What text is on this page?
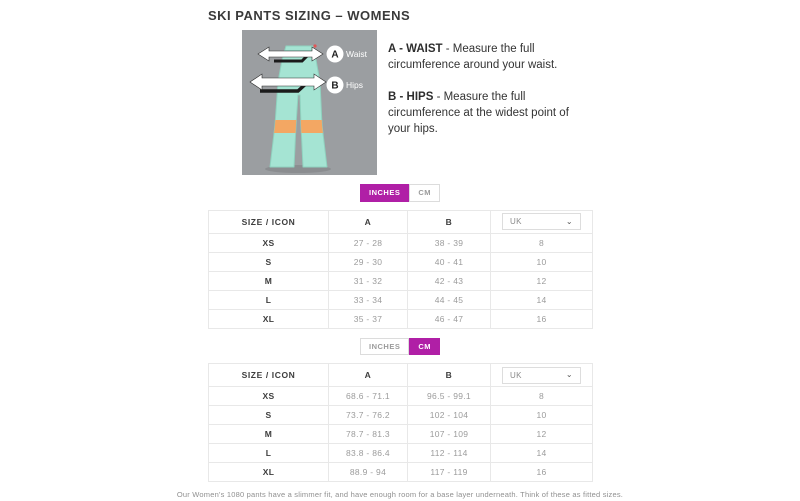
SKI PANTS SIZING – WOMENS
A Waist
B Hips

A - WAIST - Measure the full circumference around your waist.

B - HIPS - Measure the full circumference at the widest point of your hips.

INCHES	CM
SIZE / ICON	A	B	UK ⌄

XS	27 - 28	38 - 39	8
S	29 - 30	40 - 41	10
M	31 - 32	42 - 43	12
L	33 - 34	44 - 45	14
XL	35 - 37	46 - 47	16
INCHES	CM
SIZE / ICON	A	B	UK ⌄

XS	68.6 - 71.1	96.5 - 99.1	8
S	73.7 - 76.2	102 - 104	10
M	78.7 - 81.3	107 - 109	12
L	83.8 - 86.4	112 - 114	14
XL	88.9 - 94	117 - 119	16
Our Women's 1080 pants have a slimmer fit, and have enough room for a base layer underneath. Think of these as fitted sizes.
